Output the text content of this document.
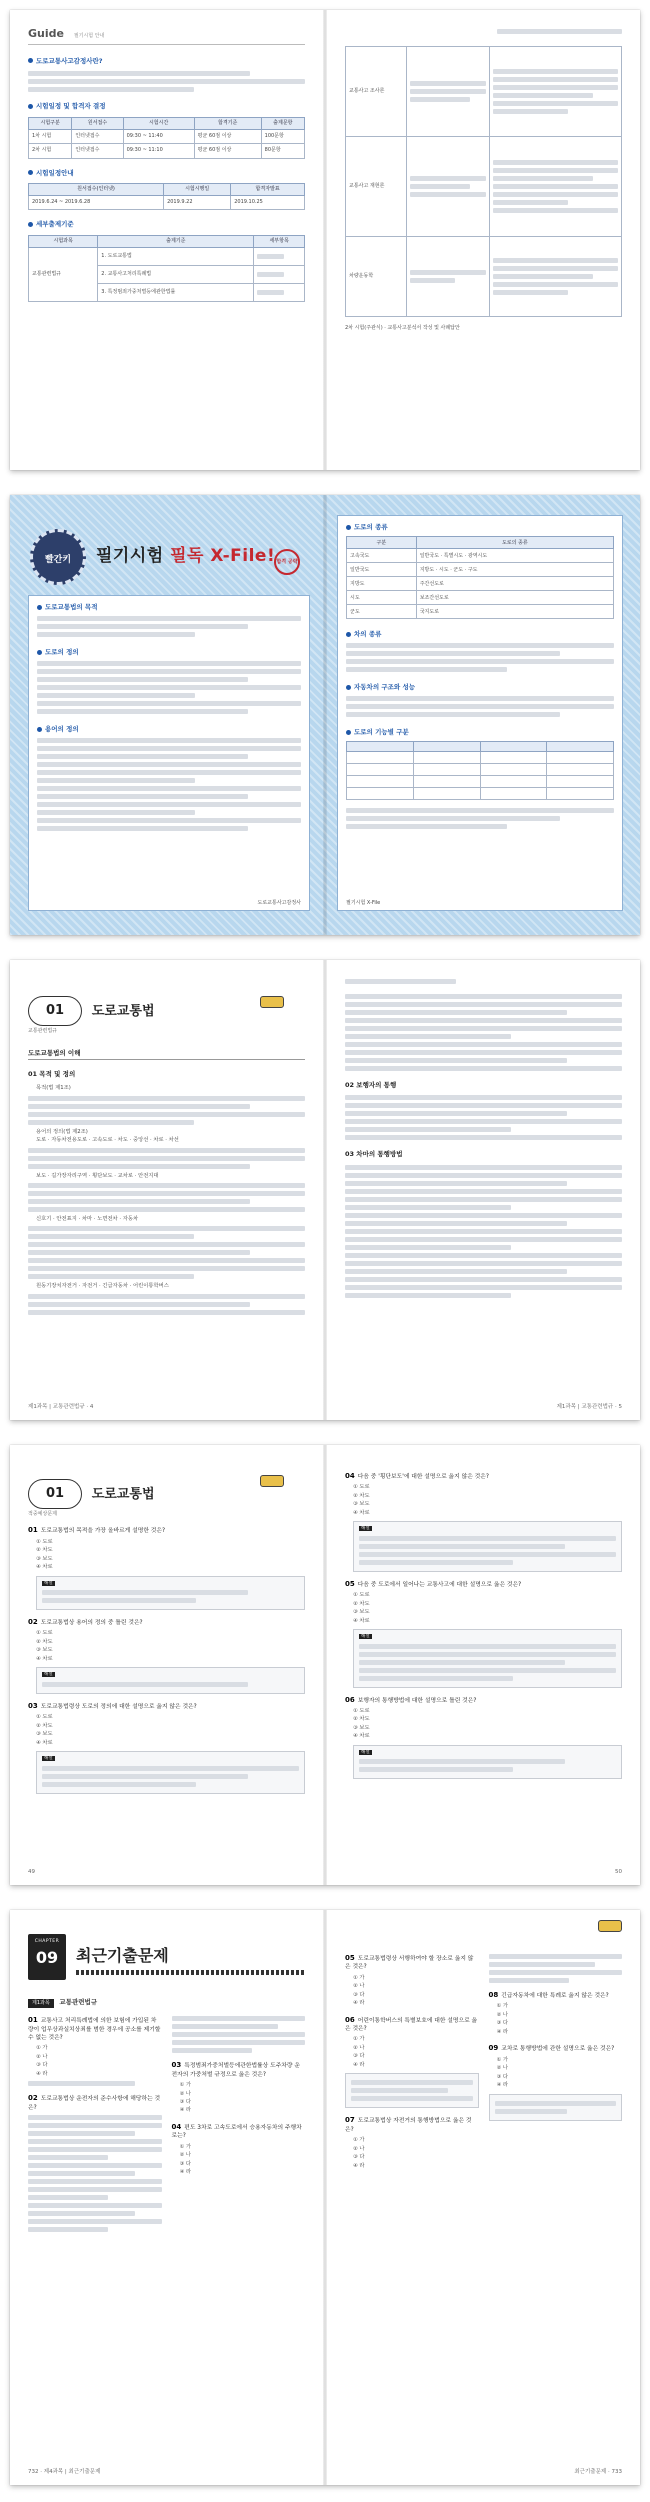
Guide 필기시험 안내
도로교통사고감정사란?
시험일정 및 합격자 결정
시험구분	원서접수	시험시간	합격기준	출제문항
1차 시험	인터넷접수	09:30 ~ 11:40	평균 60점 이상	100문항
2차 시험	인터넷접수	09:30 ~ 11:10	평균 60점 이상	80문항
시험일정안내
원서접수(인터넷)	시험시행일	합격자발표
2019.6.24 ~ 2019.6.28	2019.9.22	2019.10.25
세부출제기준
시험과목	출제기준	세부항목
교통관련법규	1. 도로교통법	

	2. 교통사고처리특례법	

	3. 특정범죄가중처벌등에관한법률	
교통사고 조사론	

교통사고 재현론	

차량운동학	

2차 시험(주관식) · 교통사고분석서 작성 및 사례답안
빨간키	필기시험 필독 X-File! 합격 공략
도로교통법의 목적
도로의 정의
용어의 정의
도로교통사고감정사
도로의 종류
구분	도로의 종류
고속국도	일반국도 · 특별시도 · 광역시도
일반국도	지방도 · 시도 · 군도 · 구도
지방도	주간선도로
시도	보조간선도로
군도	국지도로
차의 종류
자동차의 구조와 성능
도로의 기능별 구분

필기시험 X-File
01 도로교통법
교통관련법규
도로교통법의 이해
01 목적 및 정의
목적(법 제1조)
용어의 정의(법 제2조)
도로 · 자동차전용도로 · 고속도로 · 차도 · 중앙선 · 차로 · 차선
보도 · 길가장자리구역 · 횡단보도 · 교차로 · 안전지대
신호기 · 안전표지 · 차마 · 노면전차 · 자동차
원동기장치자전거 · 자전거 · 긴급자동차 · 어린이통학버스
제1과목 | 교통관련법규 · 4
02 보행자의 통행
03 차마의 통행방법
제1과목 | 교통관련법규 · 5
01 도로교통법
적중예상문제
01 도로교통법의 목적을 가장 올바르게 설명한 것은?
① 도로
② 차도
③ 보도
④ 차로
해설
02 도로교통법상 용어의 정의 중 틀린 것은?
① 도로
② 차도
③ 보도
④ 차로
해설
03 도로교통법령상 도로의 정의에 대한 설명으로 옳지 않은 것은?
① 도로
② 차도
③ 보도
④ 차로
해설
49
04 다음 중 '횡단보도'에 대한 설명으로 옳지 않은 것은?
① 도로
② 차도
③ 보도
④ 차로
해설
05 다음 중 도로에서 일어나는 교통사고에 대한 설명으로 옳은 것은?
① 도로
② 차도
③ 보도
④ 차로
해설
06 보행자의 통행방법에 대한 설명으로 틀린 것은?
① 도로
② 차도
③ 보도
④ 차로
해설
50
CHAPTER
09	최근기출문제
제1과목 교통관련법규
01 교통사고 처리특례법에 의한 보험에 가입된 차량이 업무상과실치상죄를 범한 경우에 공소를 제기할 수 없는 것은?
① 가
② 나
③ 다
④ 라
02 도로교통법상 운전자의 준수사항에 해당하는 것은?
03 특정범죄가중처벌등에관한법률상 도주차량 운전자의 가중처벌 규정으로 옳은 것은?
① 가
② 나
③ 다
④ 라
04 편도 3차로 고속도로에서 승용자동차의 주행차로는?
① 가
② 나
③ 다
④ 라
732 · 제4과목 | 최근기출문제
05 도로교통법령상 서행하여야 할 장소로 옳지 않은 것은?
① 가
② 나
③ 다
④ 라
06 어린이통학버스의 특별보호에 대한 설명으로 옳은 것은?
① 가
② 나
③ 다
④ 라
07 도로교통법상 자전거의 통행방법으로 옳은 것은?
① 가
② 나
③ 다
④ 라
08 긴급자동차에 대한 특례로 옳지 않은 것은?
① 가
② 나
③ 다
④ 라
09 교차로 통행방법에 관한 설명으로 옳은 것은?
① 가
② 나
③ 다
④ 라
최근기출문제 · 733
